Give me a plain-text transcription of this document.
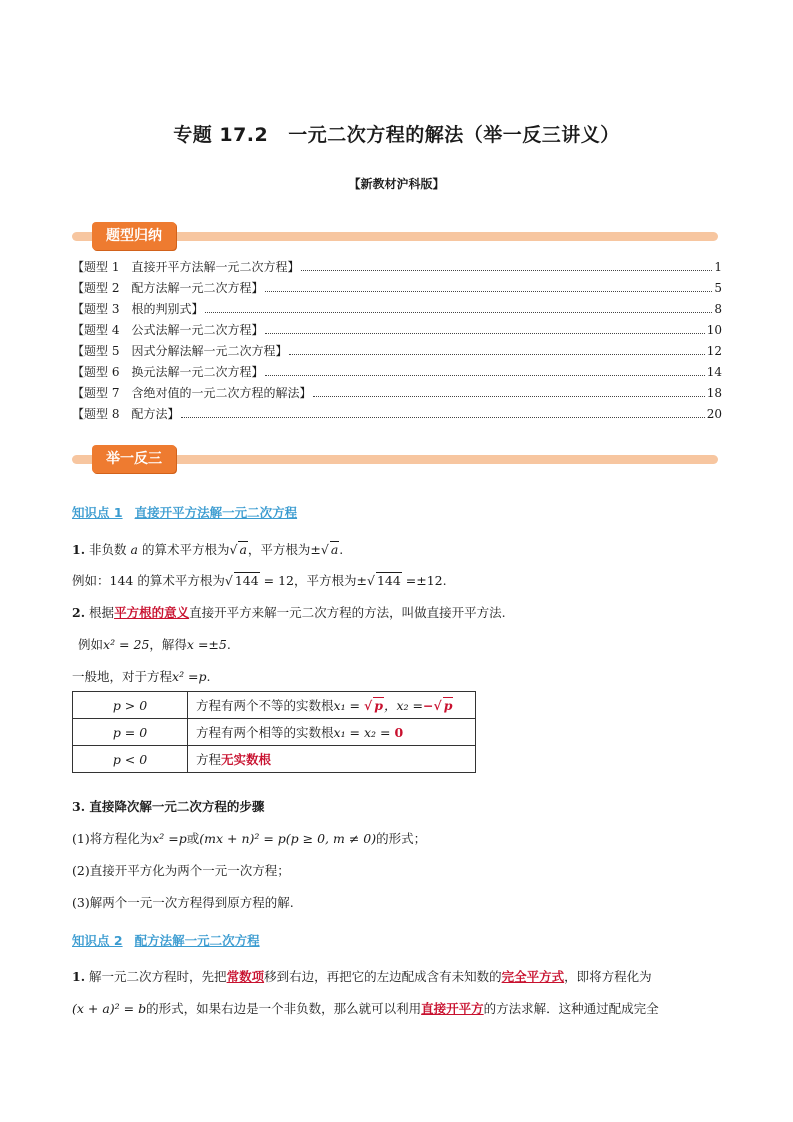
专题 17.2 一元二次方程的解法（举一反三讲义）
【新教材沪科版】
题型归纳
【题型 1　直接开平方法解一元二次方程】	1
【题型 2　配方法解一元二次方程】	5
【题型 3　根的判别式】	8
【题型 4　公式法解一元二次方程】	10
【题型 5　因式分解法解一元二次方程】	12
【题型 6　换元法解一元二次方程】	14
【题型 7　含绝对值的一元二次方程的解法】	18
【题型 8　配方法】	20
举一反三
知识点 1 直接开平方法解一元二次方程
1. 非负数 a 的算术平方根为√ a，平方根为±√ a.
例如：144 的算术平方根为√ 144 = 12，平方根为±√ 144 =±12.
2. 根据平方根的意义直接开平方来解一元二次方程的方法，叫做直接开平方法.
例如x² = 25，解得x =±5.
一般地，对于方程x² =p.
p > 0	方程有两个不等的实数根x₁ = √ p，x₂ =−√ p
p = 0	方程有两个相等的实数根x₁ = x₂ = 0
p < 0	方程无实数根
3. 直接降次解一元二次方程的步骤
(1)将方程化为x² =p或(mx + n)² = p(p ≥ 0, m ≠ 0)的形式；
(2)直接开平方化为两个一元一次方程；
(3)解两个一元一次方程得到原方程的解.
知识点 2 配方法解一元二次方程
1. 解一元二次方程时，先把常数项移到右边，再把它的左边配成含有未知数的完全平方式，即将方程化为
(x + a)² = b的形式，如果右边是一个非负数，那么就可以利用直接开平方的方法求解．这种通过配成完全
